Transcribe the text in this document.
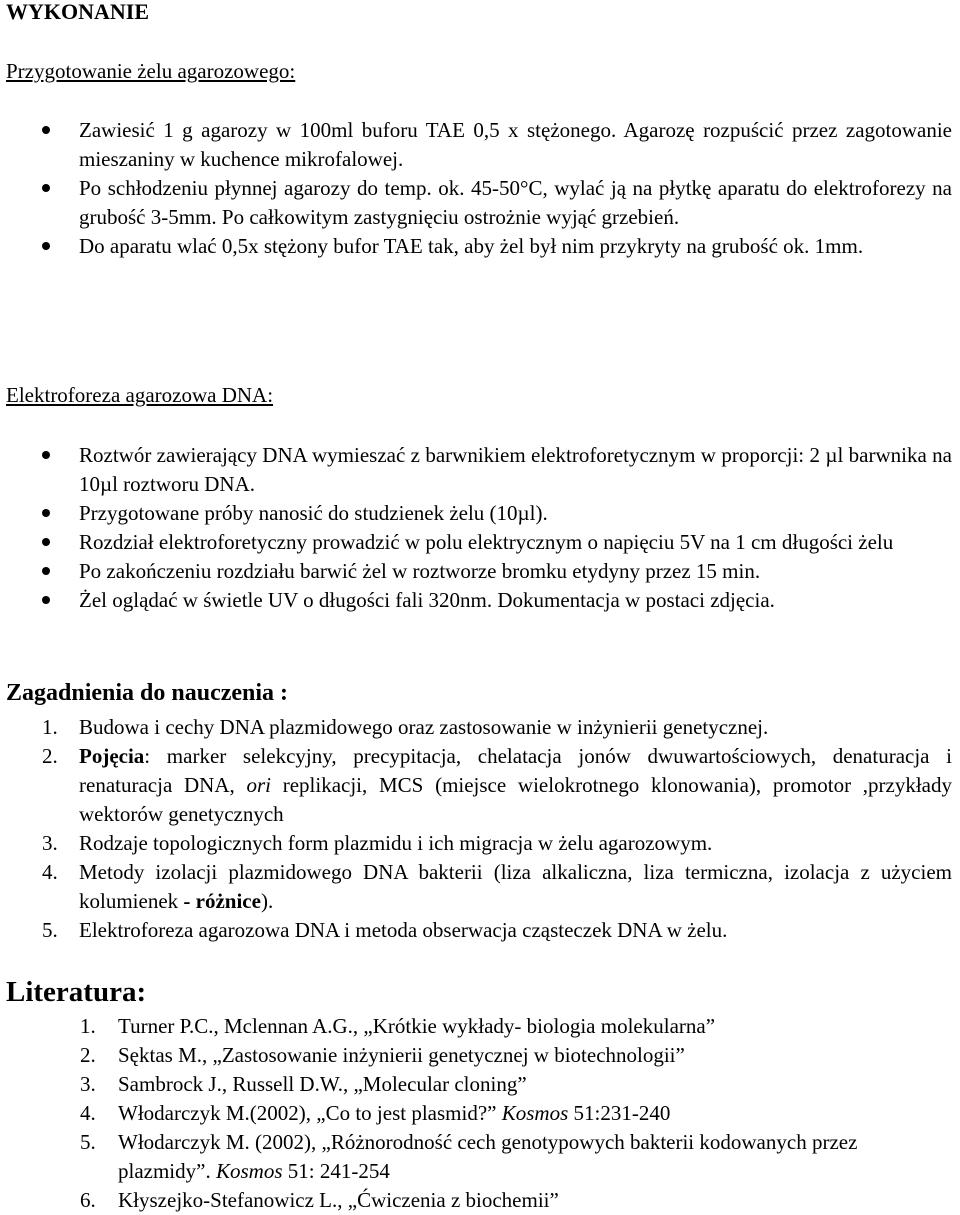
WYKONANIE
Przygotowanie żelu agarozowego:
Zawiesić 1 g agarozy w 100ml buforu TAE 0,5 x stężonego. Agarozę rozpuścić przez zagotowanie mieszaniny w kuchence mikrofalowej.
Po schłodzeniu płynnej agarozy do temp. ok. 45-50°C, wylać ją na płytkę aparatu do elektroforezy na grubość 3-5mm. Po całkowitym zastygnięciu ostrożnie wyjąć grzebień.
Do aparatu wlać 0,5x stężony bufor TAE tak, aby żel był nim przykryty na grubość ok. 1mm.
Elektroforeza agarozowa DNA:
Roztwór zawierający DNA wymieszać z barwnikiem elektroforetycznym w proporcji: 2 µl barwnika na 10µl roztworu DNA.
Przygotowane próby nanosić do studzienek żelu (10µl).
Rozdział elektroforetyczny prowadzić w polu elektrycznym o napięciu 5V na 1 cm długości żelu
Po zakończeniu rozdziału barwić żel w roztworze bromku etydyny przez 15 min.
Żel oglądać w świetle UV o długości fali 320nm. Dokumentacja w postaci zdjęcia.
Zagadnienia do nauczenia :
1. Budowa i cechy DNA plazmidowego oraz zastosowanie w inżynierii genetycznej.
2. Pojęcia: marker selekcyjny, precypitacja, chelatacja jonów dwuwartościowych, denaturacja i renaturacja DNA, ori replikacji, MCS (miejsce wielokrotnego klonowania), promotor ,przykłady wektorów genetycznych
3. Rodzaje topologicznych form plazmidu i ich migracja w żelu agarozowym.
4. Metody izolacji plazmidowego DNA bakterii (liza alkaliczna, liza termiczna, izolacja z użyciem kolumienek - różnice).
5. Elektroforeza agarozowa DNA i metoda obserwacja cząsteczek DNA w żelu.
Literatura:
1. Turner P.C., Mclennan A.G., „Krótkie wykłady- biologia molekularna”
2. Sęktas M., „Zastosowanie inżynierii genetycznej w biotechnologii”
3. Sambrock J., Russell D.W., „Molecular cloning”
4. Włodarczyk M.(2002), „Co to jest plasmid?” Kosmos 51:231-240
5. Włodarczyk M. (2002), „Różnorodność cech genotypowych bakterii kodowanych przez plazmidy”. Kosmos 51: 241-254
6. Kłyszejko-Stefanowicz L., „Ćwiczenia z biochemii”
